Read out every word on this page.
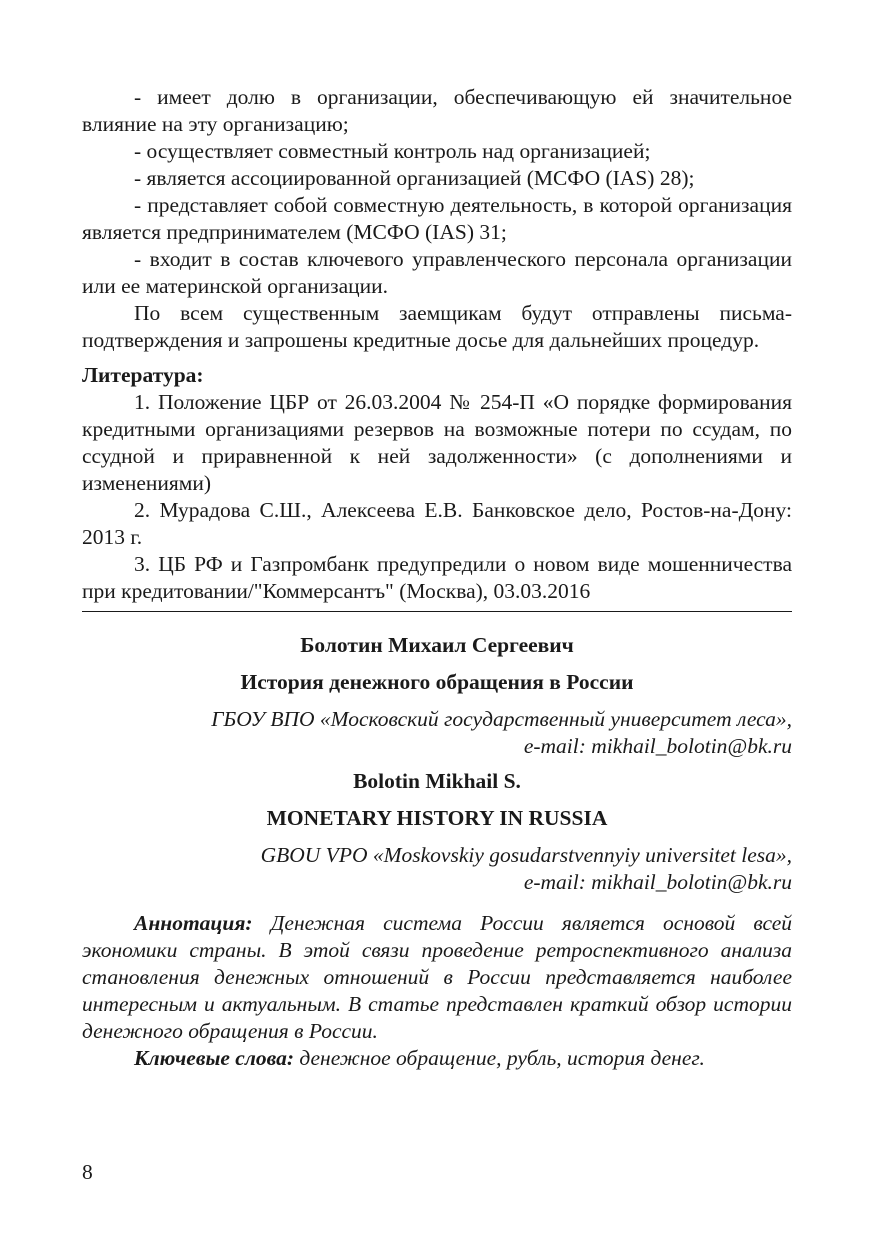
- имеет долю в организации, обеспечивающую ей значительное влияние на эту организацию;

- осуществляет совместный контроль над организацией;

- является ассоциированной организацией (МСФО (IAS) 28);

- представляет собой совместную деятельность, в которой организация является предпринимателем (МСФО (IAS) 31;

- входит в состав ключевого управленческого персонала организации или ее материнской организации.

По всем существенным заемщикам будут отправлены письма-подтверждения и запрошены кредитные досье для дальнейших процедур.

Литература:

1. Положение ЦБР от 26.03.2004 № 254-П «О порядке формирования кредитными организациями резервов на возможные потери по ссудам, по ссудной и приравненной к ней задолженности» (с дополнениями и изменениями)

2. Мурадова С.Ш., Алексеева Е.В. Банковское дело, Ростов-на-Дону: 2013 г.

3. ЦБ РФ и Газпромбанк предупредили о новом виде мошенничества при кредитовании/"Коммерсантъ" (Москва), 03.03.2016

Болотин Михаил Сергеевич

История денежного обращения в России

ГБОУ ВПО «Московский государственный университет леса»,

e-mail: mikhail_bolotin@bk.ru

Bolotin Mikhail S.

MONETARY HISTORY IN RUSSIA

GBOU VPO «Moskovskiy gosudarstvennyiy universitet lesa»,

e-mail: mikhail_bolotin@bk.ru

Аннотация: Денежная система России является основой всей экономики страны. В этой связи проведение ретроспективного анализа становления денежных отношений в России представляется наиболее интересным и актуальным. В статье представлен краткий обзор истории денежного обращения в России.

Ключевые слова: денежное обращение, рубль, история денег.

8
